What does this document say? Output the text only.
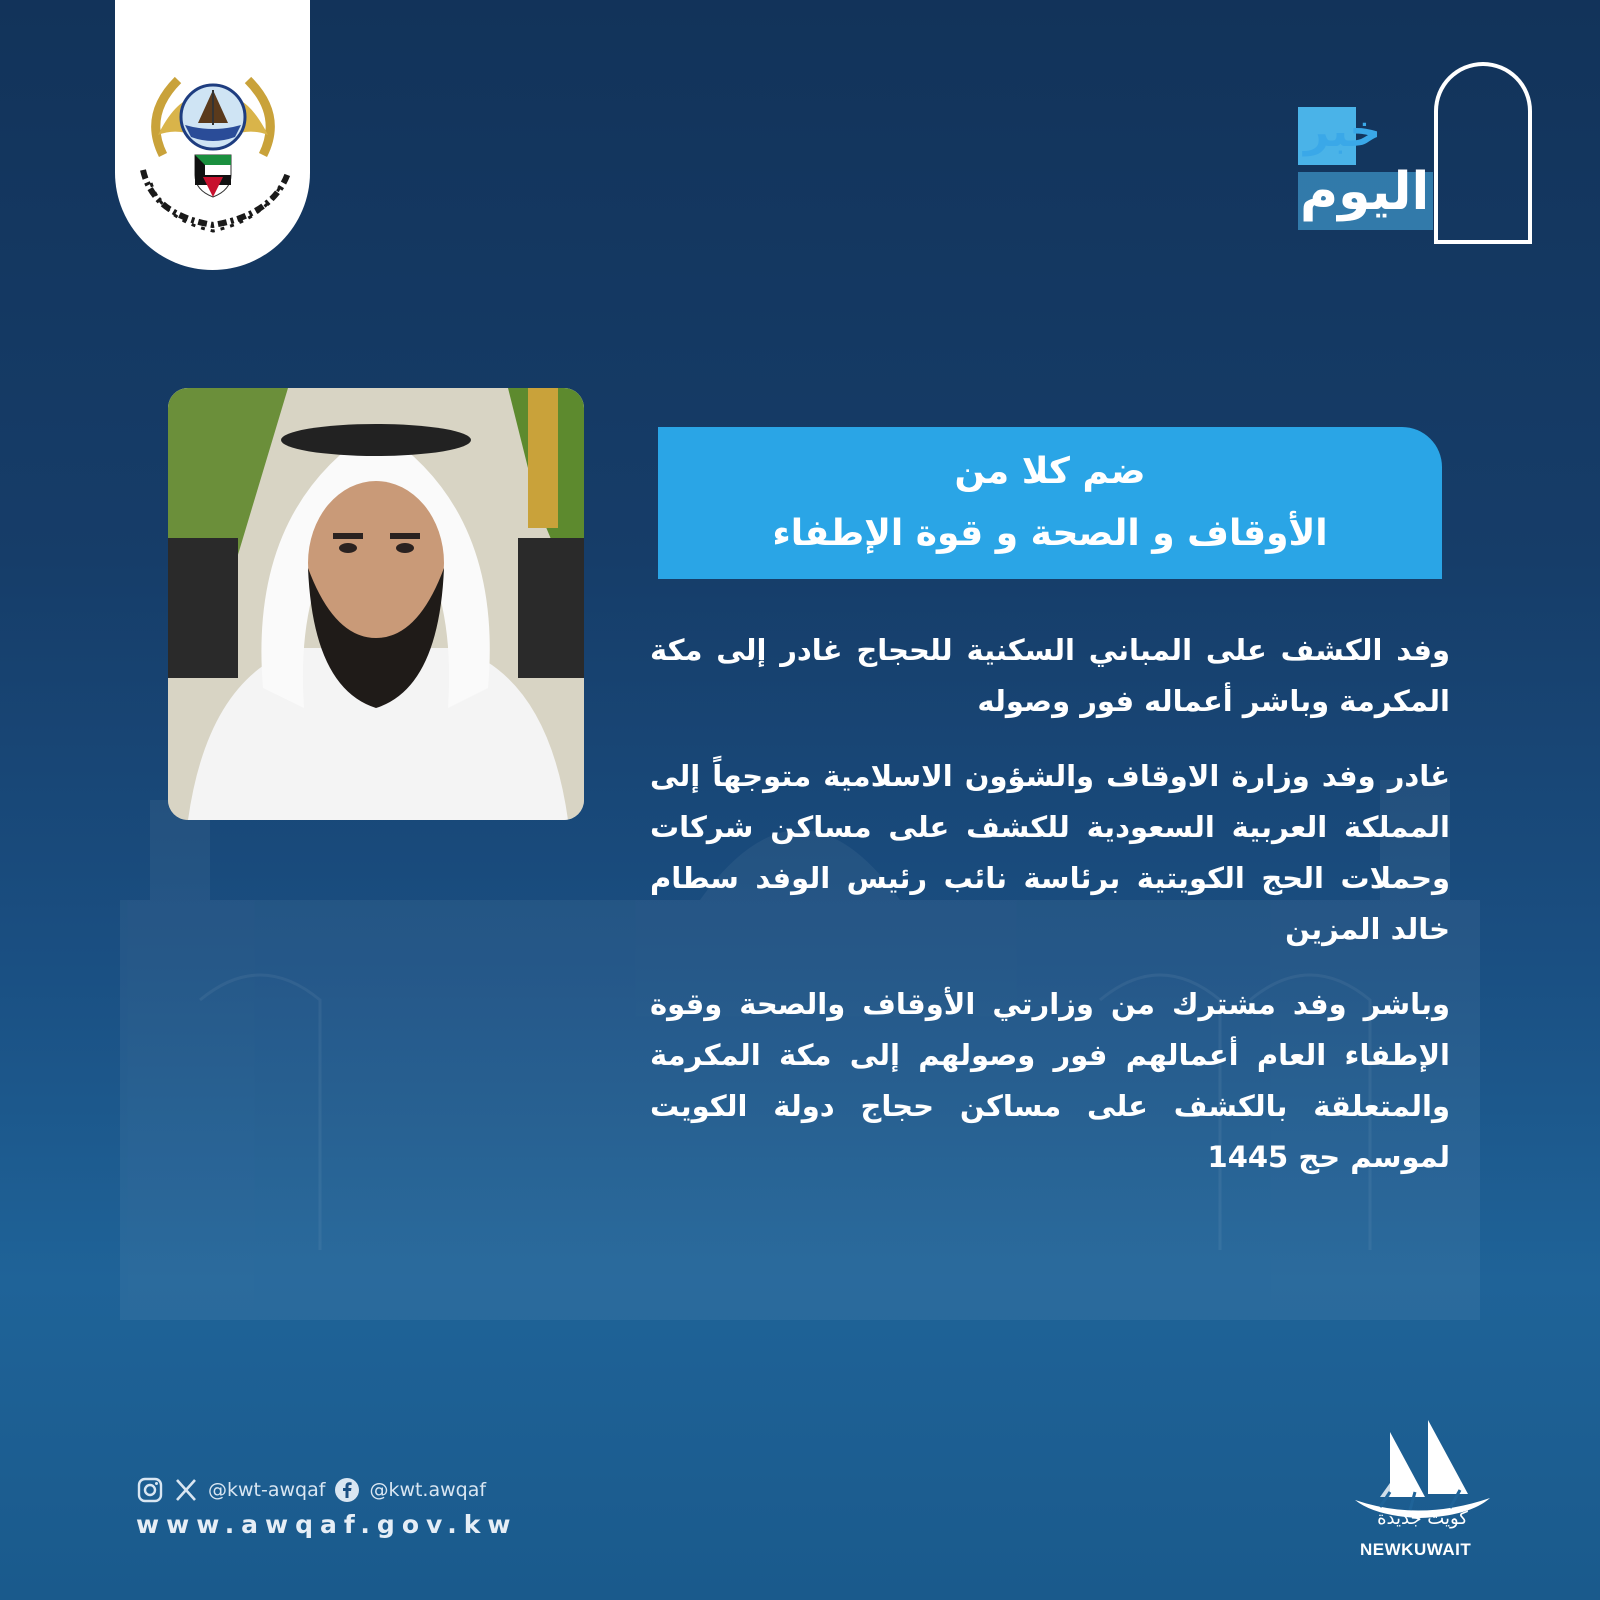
خبر
اليوم
ضم كلا من
الأوقاف و الصحة و قوة الإطفاء

وفد الكشف على المباني السكنية للحجاج غادر إلى مكة المكرمة وباشر أعماله فور وصوله

غادر وفد وزارة الاوقاف والشؤون الاسلامية متوجهاً إلى المملكة العربية السعودية للكشف على مساكن شركات وحملات الحج الكويتية برئاسة نائب رئيس الوفد سطام خالد المزين

وباشر وفد مشترك من وزارتي الأوقاف والصحة وقوة الإطفاء العام أعمالهم فور وصولهم إلى مكة المكرمة والمتعلقة بالكشف على مساكن حجاج دولة الكويت لموسم حج 1445

@kwt-awqaf @kwt.awqaf
www.awqaf.gov.kw	كويت جديدة
NEWKUWAIT
